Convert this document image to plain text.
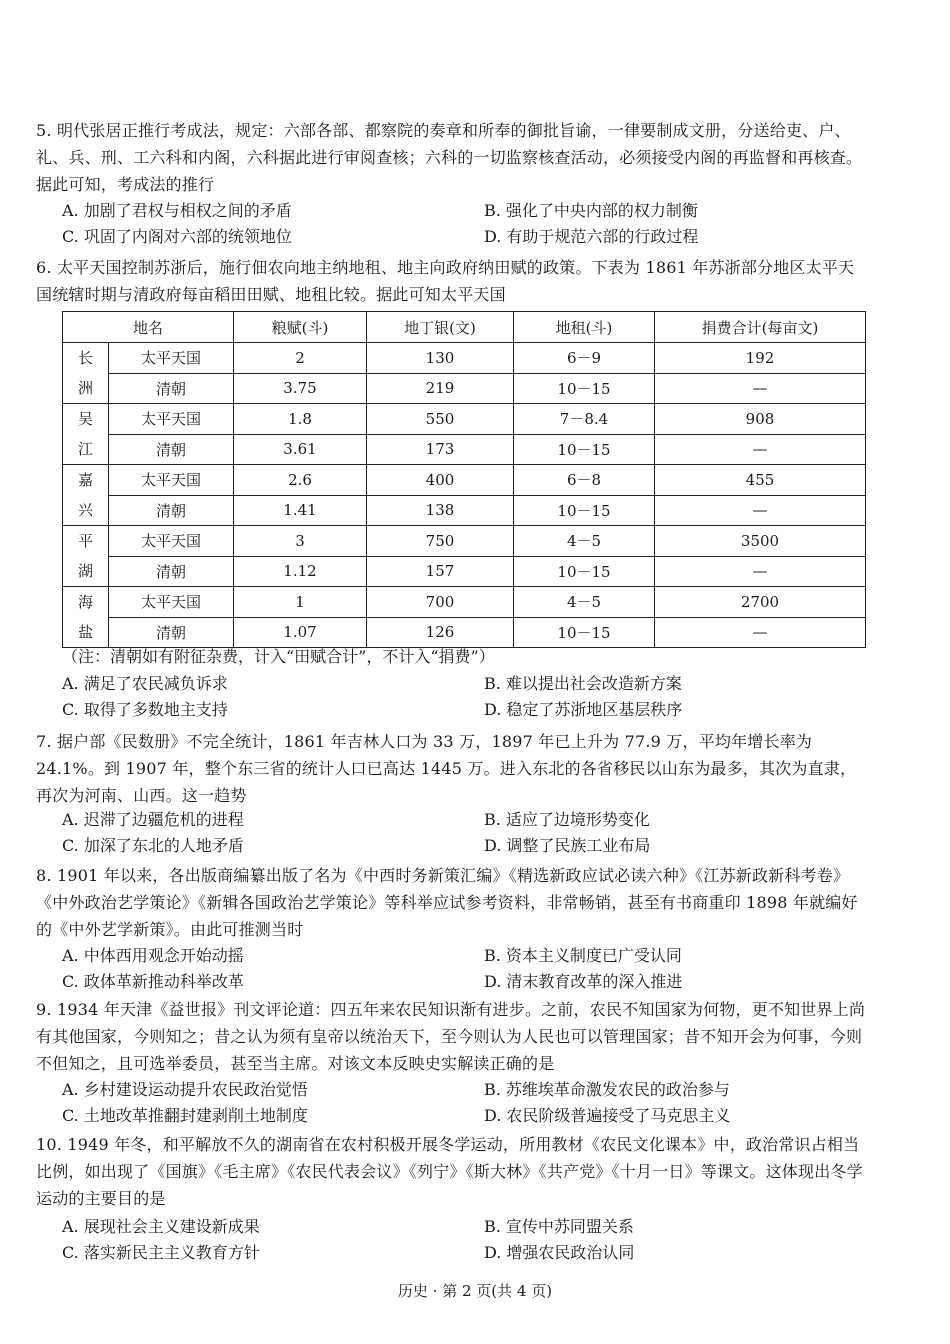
5. 明代张居正推行考成法，规定：六部各部、都察院的奏章和所奉的御批旨谕，一律要制成文册，分送给吏、户、礼、兵、刑、工六科和内阁，六科据此进行审阅查核；六科的一切监察核查活动，必须接受内阁的再监督和再核查。据此可知，考成法的推行

A. 加剧了君权与相权之间的矛盾	B. 强化了中央内部的权力制衡
C. 巩固了内阁对六部的统领地位	D. 有助于规范六部的行政过程

6. 太平天国控制苏浙后，施行佃农向地主纳地租、地主向政府纳田赋的政策。下表为 1861 年苏浙部分地区太平天国统辖时期与清政府每亩稻田田赋、地租比较。据此可知太平天国

地名		粮赋(斗)	地丁银(文)	地租(斗)	捐费合计(每亩文)
长
洲	太平天国	2	130	6－9	192
	清朝	3.75	219	10－15	—
吴
江	太平天国	1.8	550	7－8.4	908
	清朝	3.61	173	10－15	—
嘉
兴	太平天国	2.6	400	6－8	455
	清朝	1.41	138	10－15	—
平
湖	太平天国	3	750	4－5	3500
	清朝	1.12	157	10－15	—
海
盐	太平天国	1	700	4－5	2700
	清朝	1.07	126	10－15	—
（注：清朝如有附征杂费，计入“田赋合计”，不计入“捐费”）
A. 满足了农民减负诉求	B. 难以提出社会改造新方案
C. 取得了多数地主支持	D. 稳定了苏浙地区基层秩序

7. 据户部《民数册》不完全统计，1861 年吉林人口为 33 万，1897 年已上升为 77.9 万，平均年增长率为 24.1%。到 1907 年，整个东三省的统计人口已高达 1445 万。进入东北的各省移民以山东为最多，其次为直隶，再次为河南、山西。这一趋势

A. 迟滞了边疆危机的进程	B. 适应了边境形势变化
C. 加深了东北的人地矛盾	D. 调整了民族工业布局

8. 1901 年以来，各出版商编纂出版了名为《中西时务新策汇编》《精选新政应试必读六种》《江苏新政新科考卷》《中外政治艺学策论》《新辑各国政治艺学策论》等科举应试参考资料，非常畅销，甚至有书商重印 1898 年就编好的《中外艺学新策》。由此可推测当时

A. 中体西用观念开始动摇	B. 资本主义制度已广受认同
C. 政体革新推动科举改革	D. 清末教育改革的深入推进

9. 1934 年天津《益世报》刊文评论道：四五年来农民知识渐有进步。之前，农民不知国家为何物，更不知世界上尚有其他国家，今则知之；昔之认为须有皇帝以统治天下，至今则认为人民也可以管理国家；昔不知开会为何事，今则不但知之，且可选举委员，甚至当主席。对该文本反映史实解读正确的是

A. 乡村建设运动提升农民政治觉悟	B. 苏维埃革命激发农民的政治参与
C. 土地改革推翻封建剥削土地制度	D. 农民阶级普遍接受了马克思主义

10. 1949 年冬，和平解放不久的湖南省在农村积极开展冬学运动，所用教材《农民文化课本》中，政治常识占相当比例，如出现了《国旗》《毛主席》《农民代表会议》《列宁》《斯大林》《共产党》《十月一日》等课文。这体现出冬学运动的主要目的是

A. 展现社会主义建设新成果	B. 宣传中苏同盟关系
C. 落实新民主主义教育方针	D. 增强农民政治认同
历史 · 第 2 页(共 4 页)
